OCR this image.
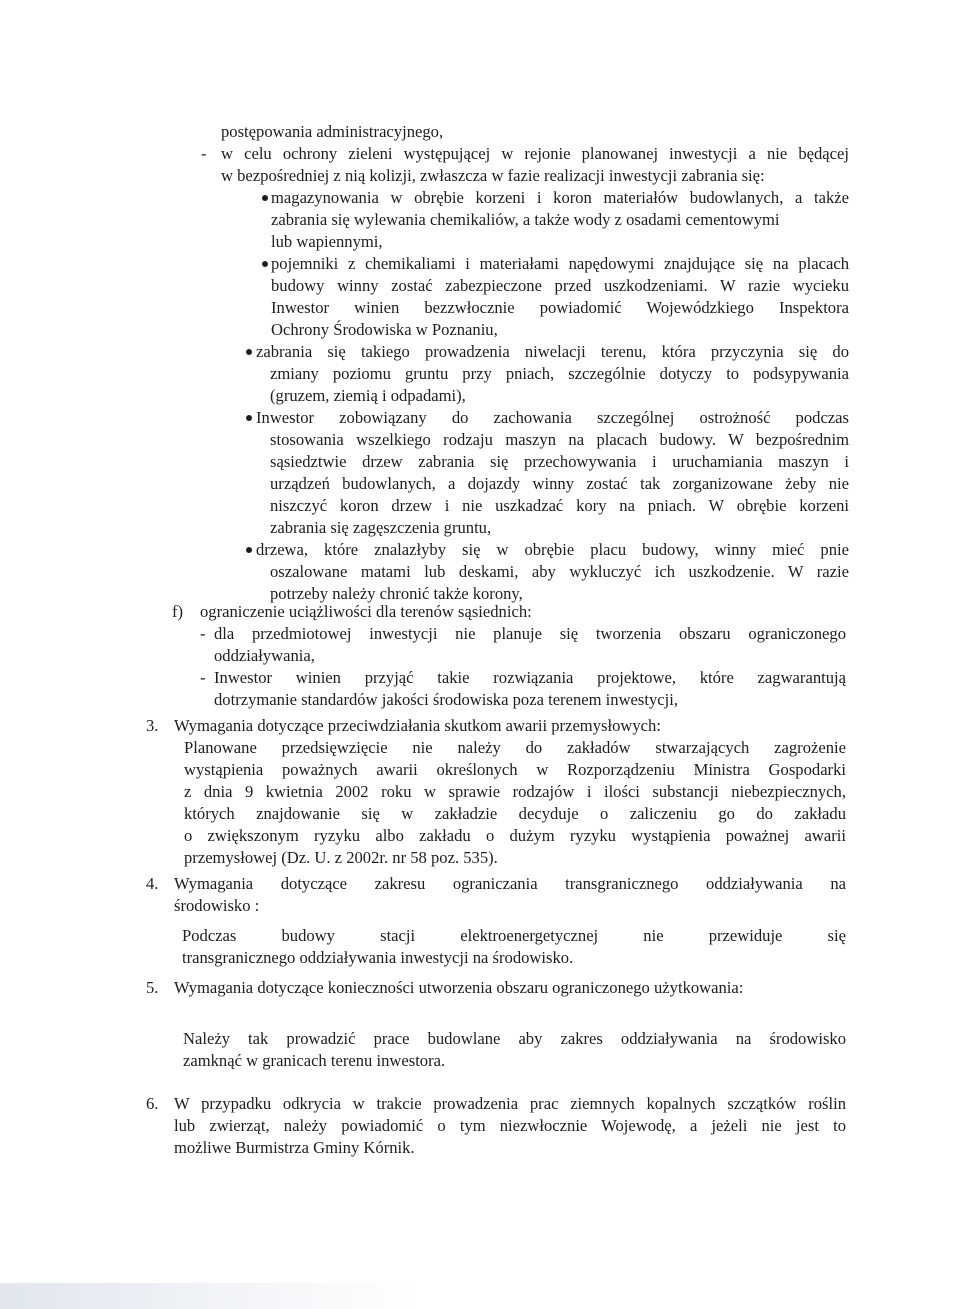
postępowania administracyjnego,
- w celu ochrony zieleni występującej w rejonie planowanej inwestycji a nie będącej
w bezpośredniej z nią kolizji, zwłaszcza w fazie realizacji inwestycji zabrania się:
magazynowania w obrębie korzeni i koron materiałów budowlanych, a także
zabrania się wylewania chemikaliów, a także wody z osadami cementowymi
lub wapiennymi,
pojemniki z chemikaliami i materiałami napędowymi znajdujące się na placach
budowy winny zostać zabezpieczone przed uszkodzeniami. W razie wycieku
Inwestor winien bezzwłocznie powiadomić Wojewódzkiego Inspektora
Ochrony Środowiska w Poznaniu,
zabrania się takiego prowadzenia niwelacji terenu, która przyczynia się do
zmiany poziomu gruntu przy pniach, szczególnie dotyczy to podsypywania
(gruzem, ziemią i odpadami),
Inwestor zobowiązany do zachowania szczególnej ostrożność podczas
stosowania wszelkiego rodzaju maszyn na placach budowy. W bezpośrednim
sąsiedztwie drzew zabrania się przechowywania i uruchamiania maszyn i
urządzeń budowlanych, a dojazdy winny zostać tak zorganizowane żeby nie
niszczyć koron drzew i nie uszkadzać kory na pniach. W obrębie korzeni
zabrania się zagęszczenia gruntu,
drzewa, które znalazłyby się w obrębie placu budowy, winny mieć pnie
oszalowane matami lub deskami, aby wykluczyć ich uszkodzenie. W razie
potrzeby należy chronić także korony,
f) ograniczenie uciążliwości dla terenów sąsiednich:
- dla przedmiotowej inwestycji nie planuje się tworzenia obszaru ograniczonego
oddziaływania,
- Inwestor winien przyjąć takie rozwiązania projektowe, które zagwarantują
dotrzymanie standardów jakości środowiska poza terenem inwestycji,
3. Wymagania dotyczące przeciwdziałania skutkom awarii przemysłowych:
Planowane przedsięwzięcie nie należy do zakładów stwarzających zagrożenie
wystąpienia poważnych awarii określonych w Rozporządzeniu Ministra Gospodarki
z dnia 9 kwietnia 2002 roku w sprawie rodzajów i ilości substancji niebezpiecznych,
których znajdowanie się w zakładzie decyduje o zaliczeniu go do zakładu
o zwiększonym ryzyku albo zakładu o dużym ryzyku wystąpienia poważnej awarii
przemysłowej (Dz. U. z 2002r. nr 58 poz. 535).
4. Wymagania dotyczące zakresu ograniczania transgranicznego oddziaływania na
środowisko :
Podczas budowy stacji elektroenergetycznej nie przewiduje się
transgranicznego oddziaływania inwestycji na środowisko.
5. Wymagania dotyczące konieczności utworzenia obszaru ograniczonego użytkowania:
Należy tak prowadzić prace budowlane aby zakres oddziaływania na środowisko
zamknąć w granicach terenu inwestora.
6. W przypadku odkrycia w trakcie prowadzenia prac ziemnych kopalnych szczątków roślin
lub zwierząt, należy powiadomić o tym niezwłocznie Wojewodę, a jeżeli nie jest to
możliwe Burmistrza Gminy Kórnik.
